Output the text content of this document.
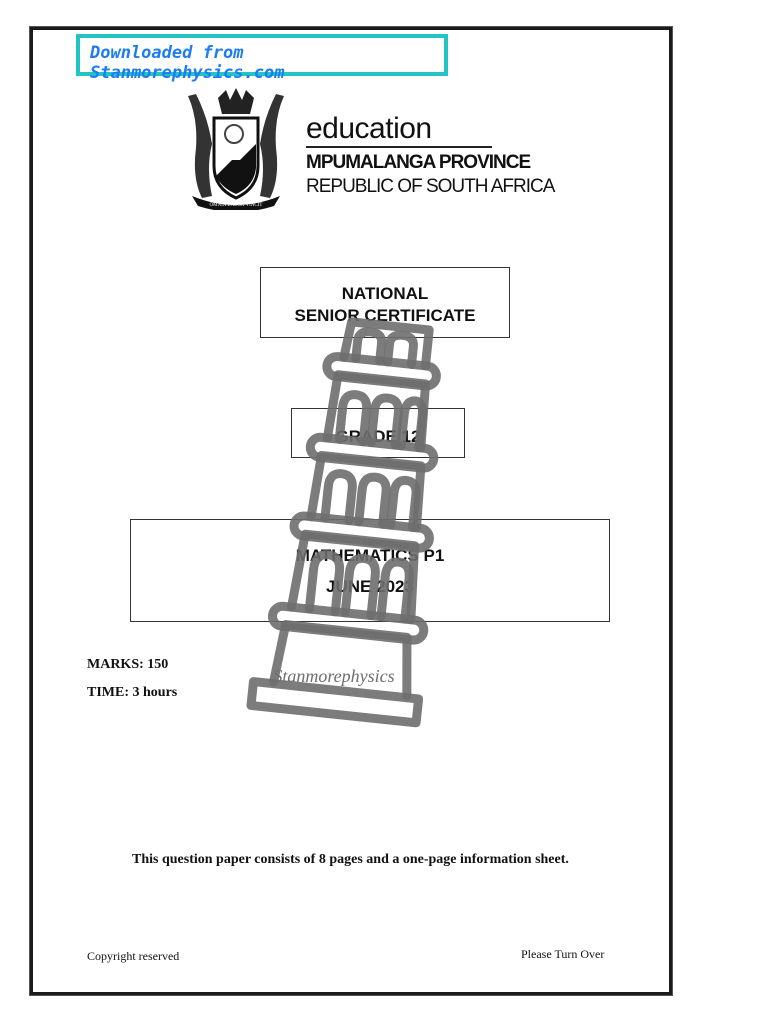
Downloaded from Stanmorephysics.com
OMNIA LABOR VINCIT
education
MPUMALANGA PROVINCE
REPUBLIC OF SOUTH AFRICA
NATIONAL
SENIOR CERTIFICATE
GRADE 12
MATHEMATICS P1
JUNE 2023
MARKS: 150
TIME: 3 hours
This question paper consists of 8 pages and a one-page information sheet.
Copyright reserved	Please Turn Over
Stanmorephysics
